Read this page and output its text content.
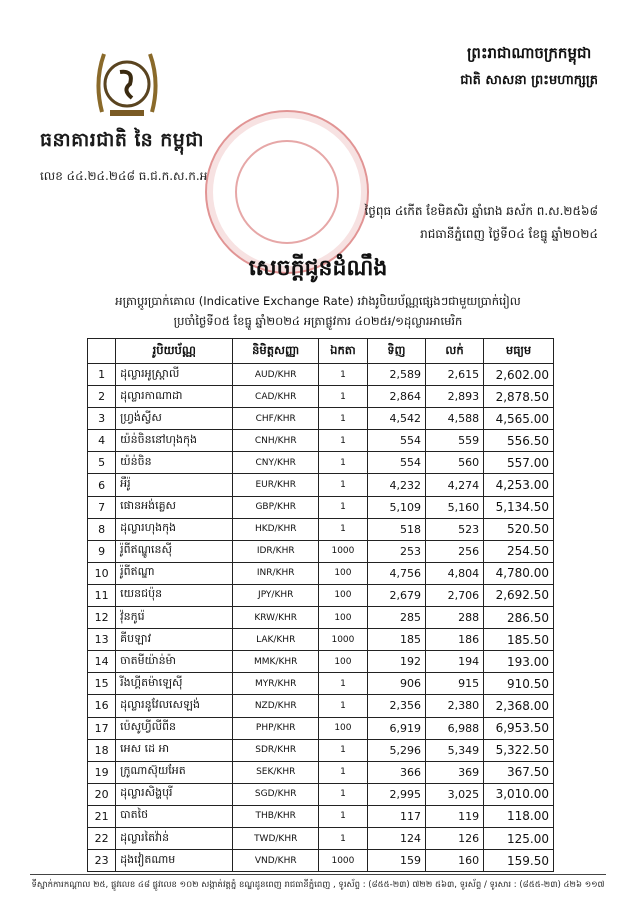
ធនាគារជាតិ នៃ កម្ពុជា
លេខ ៤៤.២៤.២៤៨ ធ.ជ.ក.ស.ក.អ
ព្រះរាជាណាចក្រកម្ពុជា
ជាតិ សាសនា ព្រះមហាក្សត្រ
ថ្ងៃពុធ ៤កើត ខែមិគសិរ ឆ្នាំរោង ឆស័ក ព.ស.២៥៦៨
រាជធានីភ្នំពេញ ថ្ងៃទី០៤ ខែធ្នូ ឆ្នាំ២០២៤
សេចក្តីជូនដំណឹង
អត្រាប្តូរប្រាក់គោល (Indicative Exchange Rate) រវាងរូបិយប័ណ្ណផ្សេងៗជាមួយប្រាក់រៀល
ប្រចាំថ្ងៃទី០៥ ខែធ្នូ ឆ្នាំ២០២៤ អត្រាផ្លូវការ ៤០២៥៛/១ដុល្លារអាមេរិក
	រូបិយប័ណ្ណ	និមិត្តសញ្ញា	ឯកតា	ទិញ	លក់	មធ្យម
1	ដុល្លារអូស្ត្រាលី	AUD/KHR	1	2,589	2,615	2,602.00
2	ដុល្លារកាណាដា	CAD/KHR	1	2,864	2,893	2,878.50
3	ហ្វ្រង់ស្វីស	CHF/KHR	1	4,542	4,588	4,565.00
4	យ៉ន់ចិននៅហុងកុង	CNH/KHR	1	554	559	556.50
5	យ៉ន់ចិន	CNY/KHR	1	554	560	557.00
6	អឺរ៉ូ	EUR/KHR	1	4,232	4,274	4,253.00
7	ផោនអង់គ្លេស	GBP/KHR	1	5,109	5,160	5,134.50
8	ដុល្លារហុងកុង	HKD/KHR	1	518	523	520.50
9	រ៉ូពីឥណ្ឌូនេស៊ី	IDR/KHR	1000	253	256	254.50
10	រ៉ូពីឥណ្ឌា	INR/KHR	100	4,756	4,804	4,780.00
11	យេនជប៉ុន	JPY/KHR	100	2,679	2,706	2,692.50
12	វ៉ុនកូរ៉េ	KRW/KHR	100	285	288	286.50
13	គីបឡាវ	LAK/KHR	1000	185	186	185.50
14	ចាតមីយ៉ាន់ម៉ា	MMK/KHR	100	192	194	193.00
15	រីងហ្គីតម៉ាឡេស៊ី	MYR/KHR	1	906	915	910.50
16	ដុល្លារនូវែលសេឡង់	NZD/KHR	1	2,356	2,380	2,368.00
17	ប៉េសូហ្វីលីពីន	PHP/KHR	100	6,919	6,988	6,953.50
18	អេស ដេ អា	SDR/KHR	1	5,296	5,349	5,322.50
19	ក្រូណាស៊ុយអែត	SEK/KHR	1	366	369	367.50
20	ដុល្លារសិង្ហបុរី	SGD/KHR	1	2,995	3,025	3,010.00
21	បាតថៃ	THB/KHR	1	117	119	118.00
22	ដុល្លារតៃវ៉ាន់	TWD/KHR	1	124	126	125.00
23	ដុងវៀតណាម	VND/KHR	1000	159	160	159.50
ទីស្នាក់ការកណ្តាល ២៥, ផ្លូវលេខ ៤៨ ផ្លូវលេខ ១០២ សង្កាត់វត្តភ្នំ ខណ្ឌដូនពេញ រាជធានីភ្នំពេញ , ទូរស័ព្ទ : (៨៥៥-២៣) ៧២២ ៥៦៣, ទូរស័ព្ទ / ទូរសារ : (៨៥៥-២៣) ៤២៦ ១១៧
